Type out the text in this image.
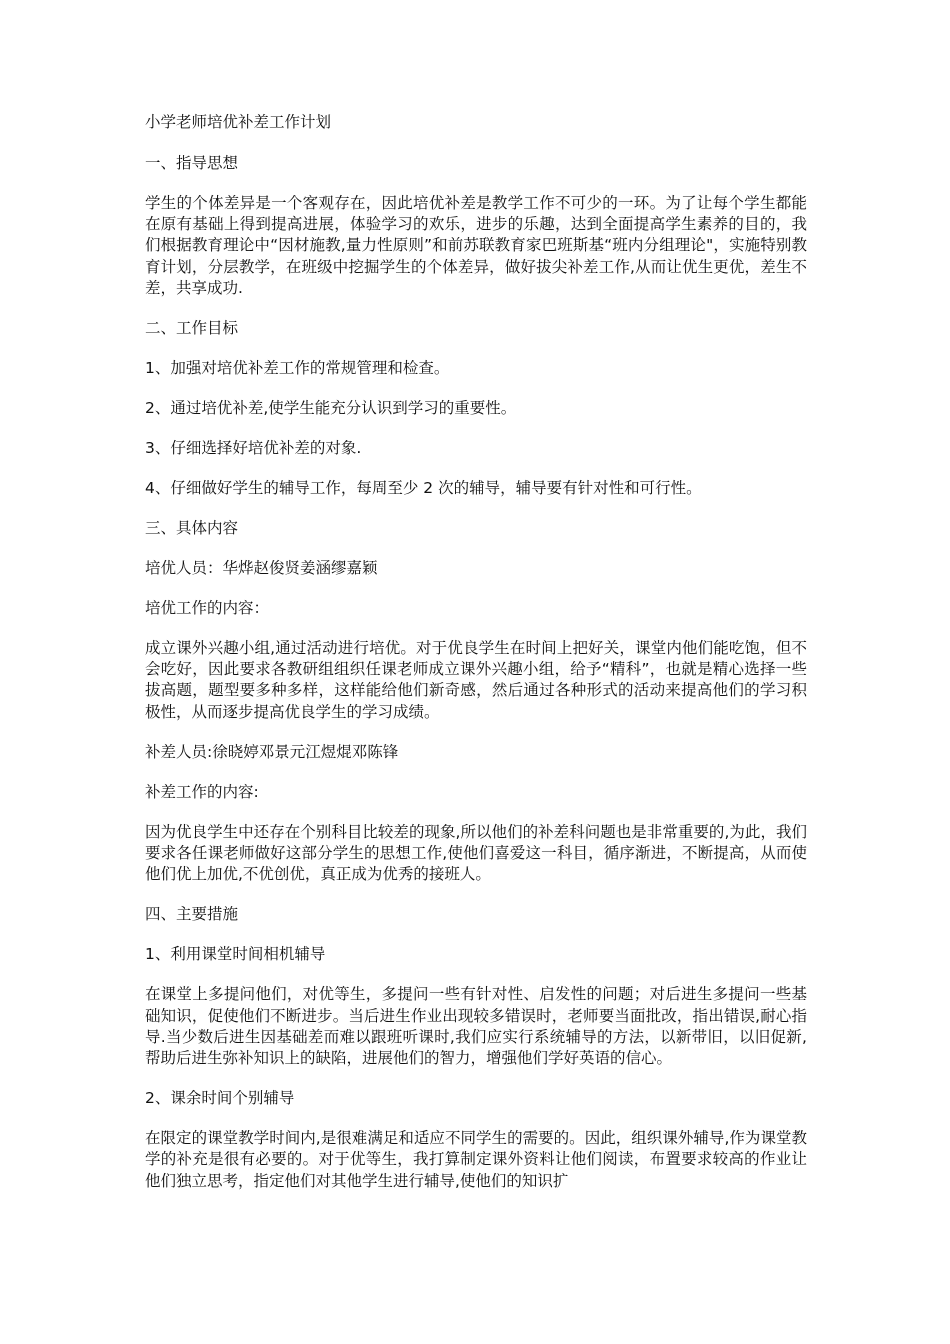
小学老师培优补差工作计划
一、指导思想
学生的个体差异是一个客观存在，因此培优补差是教学工作不可少的一环。为了让每个学生都能在原有基础上得到提高进展，体验学习的欢乐，进步的乐趣，达到全面提高学生素养的目的，我们根据教育理论中“因材施教,量力性原则”和前苏联教育家巴班斯基“班内分组理论"，实施特别教育计划，分层教学，在班级中挖掘学生的个体差异，做好拔尖补差工作,从而让优生更优，差生不差，共享成功.
二、工作目标
1、加强对培优补差工作的常规管理和检查。
2、通过培优补差,使学生能充分认识到学习的重要性。
3、仔细选择好培优补差的对象.
4、仔细做好学生的辅导工作，每周至少 2 次的辅导，辅导要有针对性和可行性。
三、具体内容
培优人员：华烨赵俊贤姜涵缪嘉颖
培优工作的内容：
成立课外兴趣小组,通过活动进行培优。对于优良学生在时间上把好关，课堂内他们能吃饱，但不会吃好，因此要求各教研组组织任课老师成立课外兴趣小组，给予“精科”，也就是精心选择一些拔高题，题型要多种多样，这样能给他们新奇感，然后通过各种形式的活动来提高他们的学习积极性，从而逐步提高优良学生的学习成绩。
补差人员:徐晓婷邓景元江煜焜邓陈锋
补差工作的内容:
因为优良学生中还存在个别科目比较差的现象,所以他们的补差科问题也是非常重要的,为此，我们要求各任课老师做好这部分学生的思想工作,使他们喜爱这一科目，循序渐进，不断提高，从而使他们优上加优,不优创优，真正成为优秀的接班人。
四、主要措施
1、利用课堂时间相机辅导
在课堂上多提问他们，对优等生，多提问一些有针对性、启发性的问题；对后进生多提问一些基础知识，促使他们不断进步。当后进生作业出现较多错误时，老师要当面批改，指出错误,耐心指导.当少数后进生因基础差而难以跟班听课时,我们应实行系统辅导的方法，以新带旧，以旧促新,帮助后进生弥补知识上的缺陷，进展他们的智力，增强他们学好英语的信心。
2、课余时间个别辅导
在限定的课堂教学时间内,是很难满足和适应不同学生的需要的。因此，组织课外辅导,作为课堂教学的补充是很有必要的。对于优等生，我打算制定课外资料让他们阅读，布置要求较高的作业让他们独立思考，指定他们对其他学生进行辅导,使他们的知识扩
